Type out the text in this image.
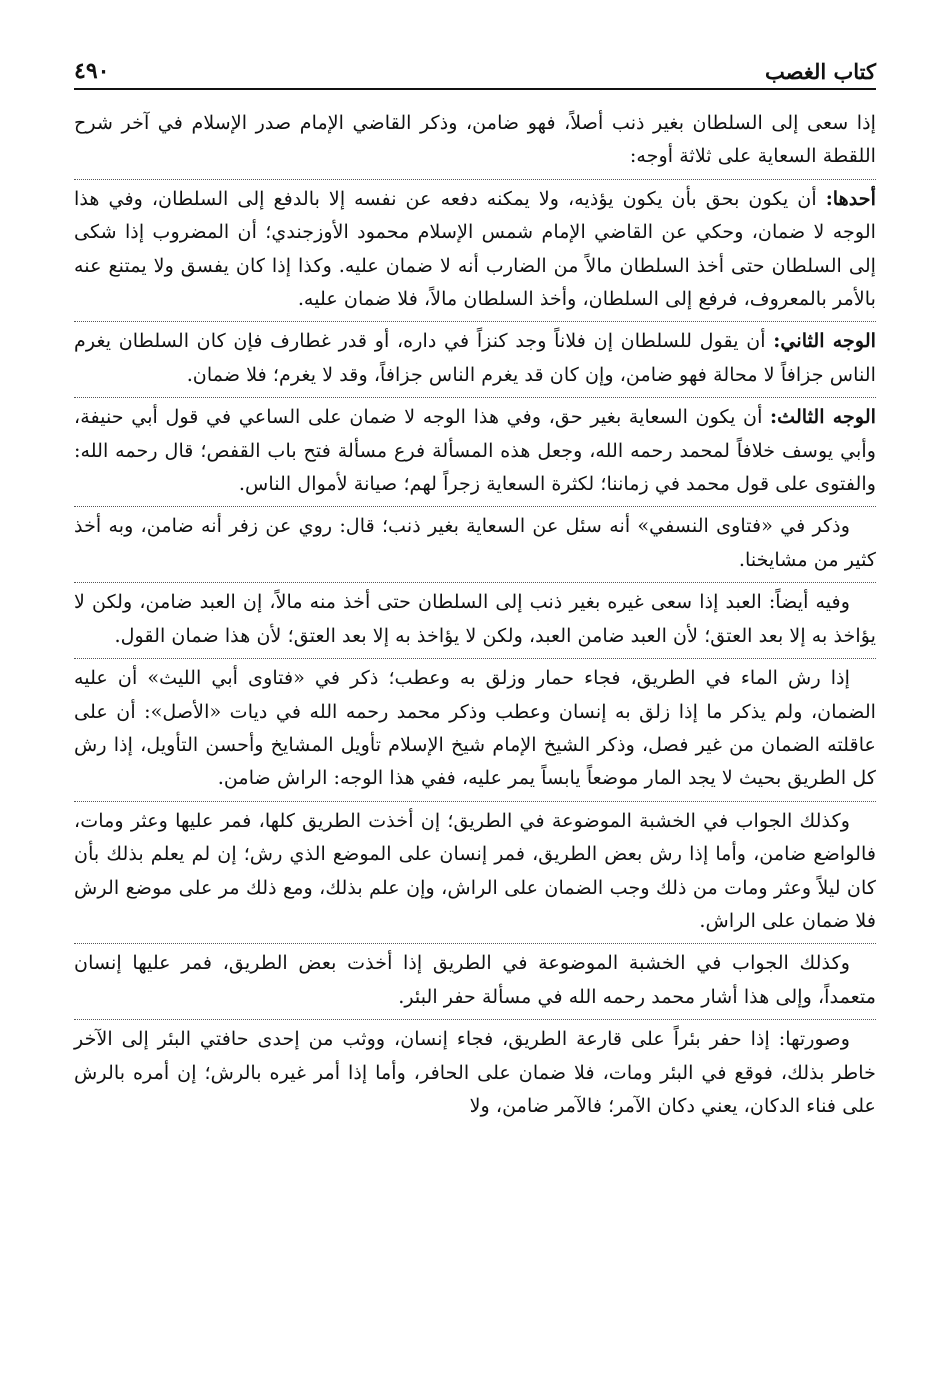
كتاب الغصب
٤٩٠

إذا سعى إلى السلطان بغير ذنب أصلاً، فهو ضامن، وذكر القاضي الإمام صدر الإسلام في آخر شرح اللقطة السعاية على ثلاثة أوجه:

أحدها: أن يكون بحق بأن يكون يؤذيه، ولا يمكنه دفعه عن نفسه إلا بالدفع إلى السلطان، وفي هذا الوجه لا ضمان، وحكي عن القاضي الإمام شمس الإسلام محمود الأوزجندي؛ أن المضروب إذا شكى إلى السلطان حتى أخذ السلطان مالاً من الضارب أنه لا ضمان عليه. وكذا إذا كان يفسق ولا يمتنع عنه بالأمر بالمعروف، فرفع إلى السلطان، وأخذ السلطان مالاً، فلا ضمان عليه.

الوجه الثاني: أن يقول للسلطان إن فلاناً وجد كنزاً في داره، أو قدر غطارف فإن كان السلطان يغرم الناس جزافاً لا محالة فهو ضامن، وإن كان قد يغرم الناس جزافاً، وقد لا يغرم؛ فلا ضمان.

الوجه الثالث: أن يكون السعاية بغير حق، وفي هذا الوجه لا ضمان على الساعي في قول أبي حنيفة، وأبي يوسف خلافاً لمحمد رحمه الله، وجعل هذه المسألة فرع مسألة فتح باب القفص؛ قال رحمه الله: والفتوى على قول محمد في زماننا؛ لكثرة السعاية زجراً لهم؛ صيانة لأموال الناس.

وذكر في «فتاوى النسفي» أنه سئل عن السعاية بغير ذنب؛ قال: روي عن زفر أنه ضامن، وبه أخذ كثير من مشايخنا.

وفيه أيضاً: العبد إذا سعى غيره بغير ذنب إلى السلطان حتى أخذ منه مالاً، إن العبد ضامن، ولكن لا يؤاخذ به إلا بعد العتق؛ لأن العبد ضامن العبد، ولكن لا يؤاخذ به إلا بعد العتق؛ لأن هذا ضمان القول.

إذا رش الماء في الطريق، فجاء حمار وزلق به وعطب؛ ذكر في «فتاوى أبي الليث» أن عليه الضمان، ولم يذكر ما إذا زلق به إنسان وعطب وذكر محمد رحمه الله في ديات «الأصل»: أن على عاقلته الضمان من غير فصل، وذكر الشيخ الإمام شيخ الإسلام تأويل المشايخ وأحسن التأويل، إذا رش كل الطريق بحيث لا يجد المار موضعاً يابساً يمر عليه، ففي هذا الوجه: الراش ضامن.

وكذلك الجواب في الخشبة الموضوعة في الطريق؛ إن أخذت الطريق كلها، فمر عليها وعثر ومات، فالواضع ضامن، وأما إذا رش بعض الطريق، فمر إنسان على الموضع الذي رش؛ إن لم يعلم بذلك بأن كان ليلاً وعثر ومات من ذلك وجب الضمان على الراش، وإن علم بذلك، ومع ذلك مر على موضع الرش فلا ضمان على الراش.

وكذلك الجواب في الخشبة الموضوعة في الطريق إذا أخذت بعض الطريق، فمر عليها إنسان متعمداً، وإلى هذا أشار محمد رحمه الله في مسألة حفر البئر.

وصورتها: إذا حفر بئراً على قارعة الطريق، فجاء إنسان، ووثب من إحدى حافتي البئر إلى الآخر خاطر بذلك، فوقع في البئر ومات، فلا ضمان على الحافر، وأما إذا أمر غيره بالرش؛ إن أمره بالرش على فناء الدكان، يعني دكان الآمر؛ فالآمر ضامن، ولا
